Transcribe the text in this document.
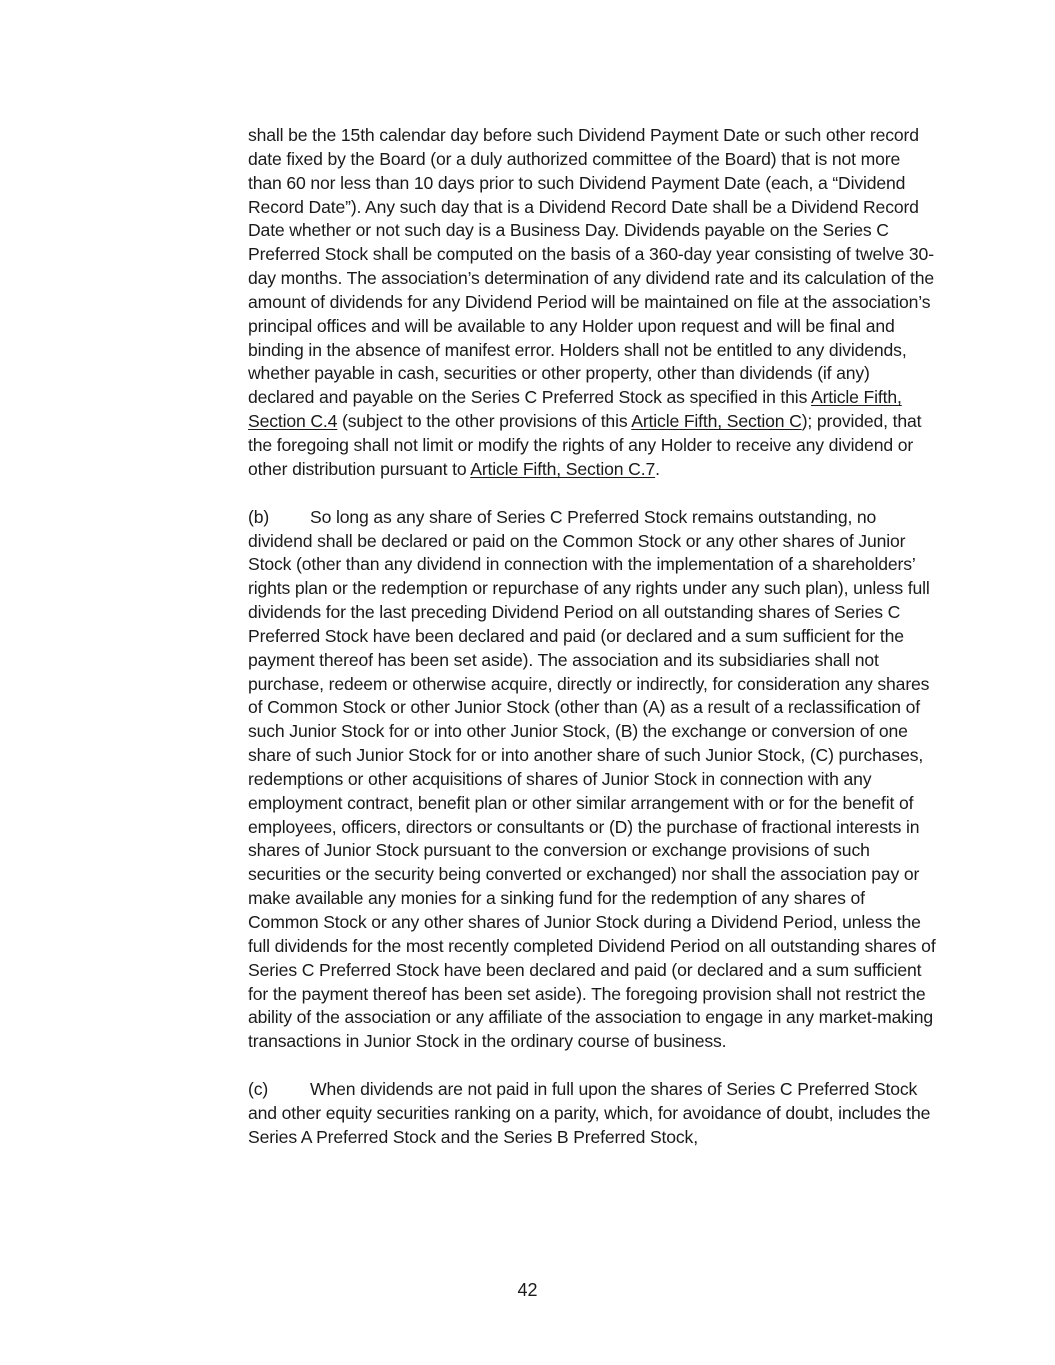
shall be the 15th calendar day before such Dividend Payment Date or such other record date fixed by the Board (or a duly authorized committee of the Board) that is not more than 60 nor less than 10 days prior to such Dividend Payment Date (each, a “Dividend Record Date”). Any such day that is a Dividend Record Date shall be a Dividend Record Date whether or not such day is a Business Day. Dividends payable on the Series C Preferred Stock shall be computed on the basis of a 360-day year consisting of twelve 30-day months. The association’s determination of any dividend rate and its calculation of the amount of dividends for any Dividend Period will be maintained on file at the association’s principal offices and will be available to any Holder upon request and will be final and binding in the absence of manifest error. Holders shall not be entitled to any dividends, whether payable in cash, securities or other property, other than dividends (if any) declared and payable on the Series C Preferred Stock as specified in this Article Fifth, Section C.4 (subject to the other provisions of this Article Fifth, Section C); provided, that the foregoing shall not limit or modify the rights of any Holder to receive any dividend or other distribution pursuant to Article Fifth, Section C.7.

(b) So long as any share of Series C Preferred Stock remains outstanding, no dividend shall be declared or paid on the Common Stock or any other shares of Junior Stock (other than any dividend in connection with the implementation of a shareholders’ rights plan or the redemption or repurchase of any rights under any such plan), unless full dividends for the last preceding Dividend Period on all outstanding shares of Series C Preferred Stock have been declared and paid (or declared and a sum sufficient for the payment thereof has been set aside). The association and its subsidiaries shall not purchase, redeem or otherwise acquire, directly or indirectly, for consideration any shares of Common Stock or other Junior Stock (other than (A) as a result of a reclassification of such Junior Stock for or into other Junior Stock, (B) the exchange or conversion of one share of such Junior Stock for or into another share of such Junior Stock, (C) purchases, redemptions or other acquisitions of shares of Junior Stock in connection with any employment contract, benefit plan or other similar arrangement with or for the benefit of employees, officers, directors or consultants or (D) the purchase of fractional interests in shares of Junior Stock pursuant to the conversion or exchange provisions of such securities or the security being converted or exchanged) nor shall the association pay or make available any monies for a sinking fund for the redemption of any shares of Common Stock or any other shares of Junior Stock during a Dividend Period, unless the full dividends for the most recently completed Dividend Period on all outstanding shares of Series C Preferred Stock have been declared and paid (or declared and a sum sufficient for the payment thereof has been set aside). The foregoing provision shall not restrict the ability of the association or any affiliate of the association to engage in any market-making transactions in Junior Stock in the ordinary course of business.

(c) When dividends are not paid in full upon the shares of Series C Preferred Stock and other equity securities ranking on a parity, which, for avoidance of doubt, includes the Series A Preferred Stock and the Series B Preferred Stock,

42
